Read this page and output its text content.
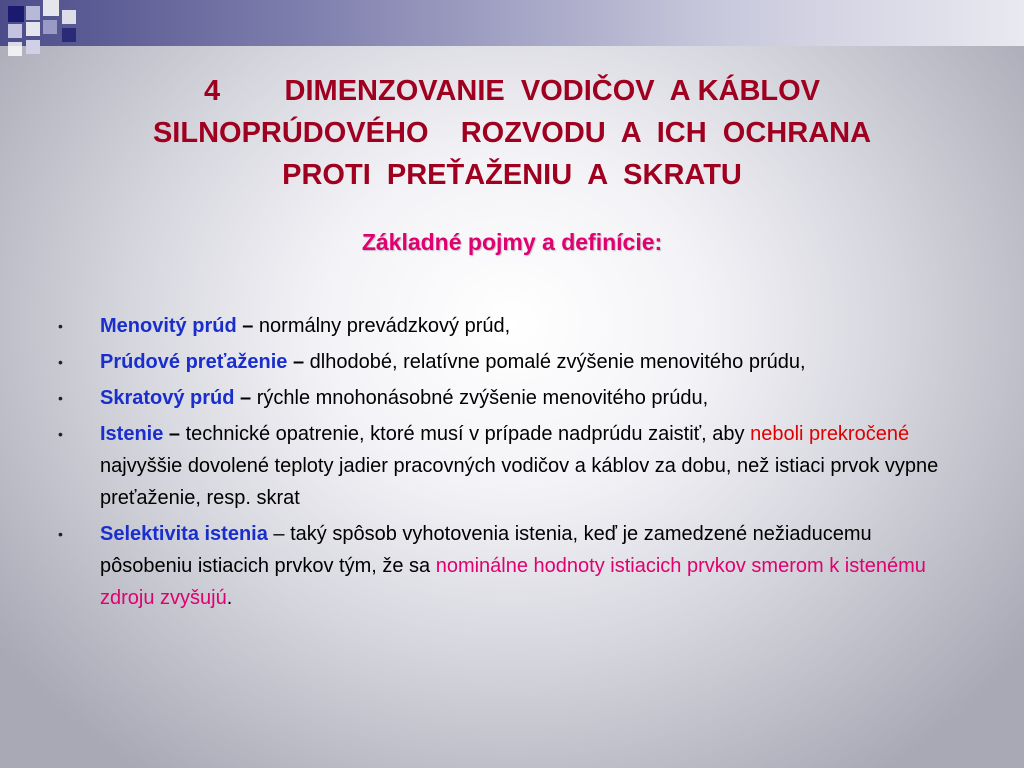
4        DIMENZOVANIE  VODIČOV  A KÁBLOV
SILNOPRÚDOVÉHO    ROZVODU  A  ICH  OCHRANA
PROTI  PREŤAŽENIU  A  SKRATU
Základné pojmy a definície:
•	Menovitý prúd – normálny prevádzkový prúd,
•	Prúdové preťaženie – dlhodobé, relatívne pomalé zvýšenie menovitého prúdu,
•	Skratový prúd – rýchle mnohonásobné zvýšenie menovitého prúdu,
•	Istenie – technické opatrenie, ktoré musí v prípade nadprúdu zaistiť, aby neboli prekročené najvyššie dovolené teploty jadier pracovných vodičov a káblov za dobu, než istiaci prvok vypne preťaženie, resp. skrat
•	Selektivita istenia – taký spôsob vyhotovenia istenia, keď je zamedzené nežiaducemu pôsobeniu istiacich prvkov tým, že sa nominálne hodnoty istiacich prvkov smerom k istenému zdroju zvyšujú.
